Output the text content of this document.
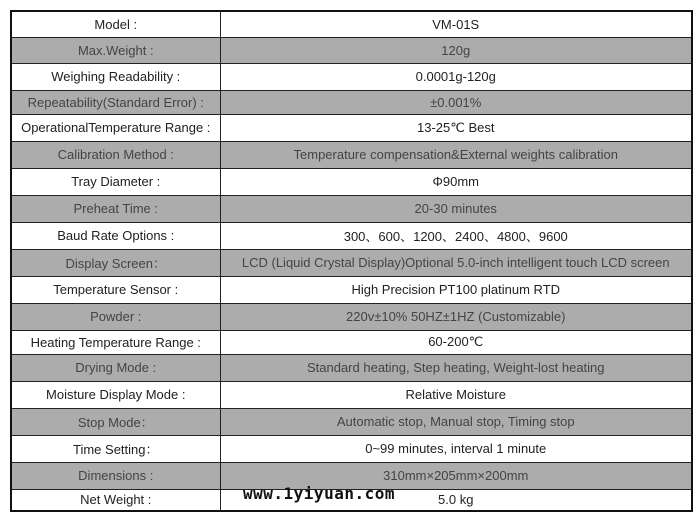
Model :	VM-01S
Max.Weight :	120g
Weighing Readability :	0.0001g-120g
Repeatability(Standard Error) :	±0.001%
OperationalTemperature Range :	13-25℃ Best
Calibration Method :	Temperature compensation&External weights calibration
Tray Diameter :	Φ90mm
Preheat Time :	20-30 minutes
Baud Rate Options :	300、600、1200、2400、4800、9600
Display Screen：	LCD (Liquid Crystal Display)Optional 5.0-inch intelligent touch LCD screen
Temperature Sensor :	High Precision PT100 platinum RTD
Powder :	220v±10% 50HZ±1HZ (Customizable)
Heating Temperature Range :	60-200℃
Drying Mode :	Standard heating, Step heating, Weight-lost heating
Moisture Display Mode :	Relative Moisture
Stop Mode：	Automatic stop, Manual stop, Timing stop
Time Setting：	0~99 minutes, interval 1 minute
Dimensions :	310mm×205mm×200mm
Net Weight :	5.0 kg
www.1yiyuan.com
